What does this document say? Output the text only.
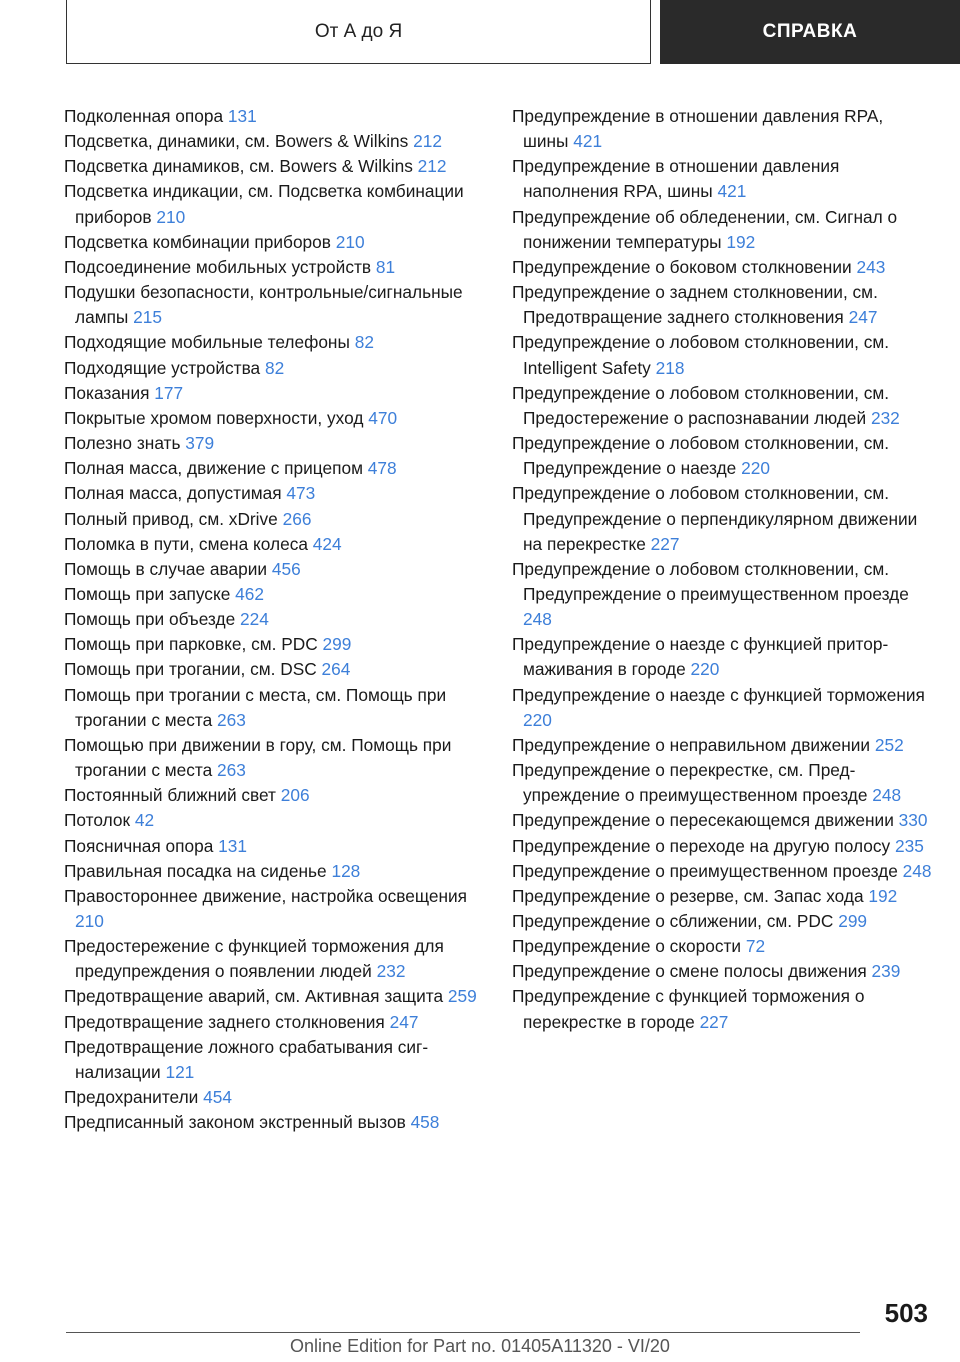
От А до Я	СПРАВКА
Подколенная опора 131
Подсветка, динамики, см. Bowers & Wilkins 212
Подсветка динамиков, см. Bowers & Wilkins 212
Подсветка индикации, см. Подсветка комбинации приборов 210
Подсветка комбинации приборов 210
Подсоединение мобильных устройств 81
Подушки безопасности, контрольные/сигнальные лампы 215
Подходящие мобильные телефоны 82
Подходящие устройства 82
Показания 177
Покрытые хромом поверхности, уход 470
Полезно знать 379
Полная масса, движение с прицепом 478
Полная масса, допустимая 473
Полный привод, см. xDrive 266
Поломка в пути, смена колеса 424
Помощь в случае аварии 456
Помощь при запуске 462
Помощь при объезде 224
Помощь при парковке, см. PDC 299
Помощь при трогании, см. DSC 264
Помощь при трогании с места, см. Помощь при трогании с места 263
Помощью при движении в гору, см. Помощь при трогании с места 263
Постоянный ближний свет 206
Потолок 42
Поясничная опора 131
Правильная посадка на сиденье 128
Правостороннее движение, настройка освещения 210
Предостережение с функцией торможения для предупреждения о появлении людей 232
Предотвращение аварий, см. Активная защита 259
Предотвращение заднего столкновения 247
Предотвращение ложного срабатывания сигнализации 121
Предохранители 454
Предписанный законом экстренный вызов 458
Предупреждение в отношении давления RPA, шины 421
Предупреждение в отношении давления наполнения RPA, шины 421
Предупреждение об обледенении, см. Сигнал о понижении температуры 192
Предупреждение о боковом столкновении 243
Предупреждение о заднем столкновении, см. Предотвращение заднего столкновения 247
Предупреждение о лобовом столкновении, см. Intelligent Safety 218
Предупреждение о лобовом столкновении, см. Предостережение о распознавании людей 232
Предупреждение о лобовом столкновении, см. Предупреждение о наезде 220
Предупреждение о лобовом столкновении, см. Предупреждение о перпендикулярном движении на перекрестке 227
Предупреждение о лобовом столкновении, см. Предупреждение о преимущественном проезде 248
Предупреждение о наезде с функцией притормаживания в городе 220
Предупреждение о наезде с функцией торможения 220
Предупреждение о неправильном движении 252
Предупреждение о перекрестке, см. Предупреждение о преимущественном проезде 248
Предупреждение о пересекающемся движении 330
Предупреждение о переходе на другую полосу 235
Предупреждение о преимущественном проезде 248
Предупреждение о резерве, см. Запас хода 192
Предупреждение о сближении, см. PDC 299
Предупреждение о скорости 72
Предупреждение о смене полосы движения 239
Предупреждение с функцией торможения о перекрестке в городе 227
503
Online Edition for Part no. 01405A11320 - VI/20
